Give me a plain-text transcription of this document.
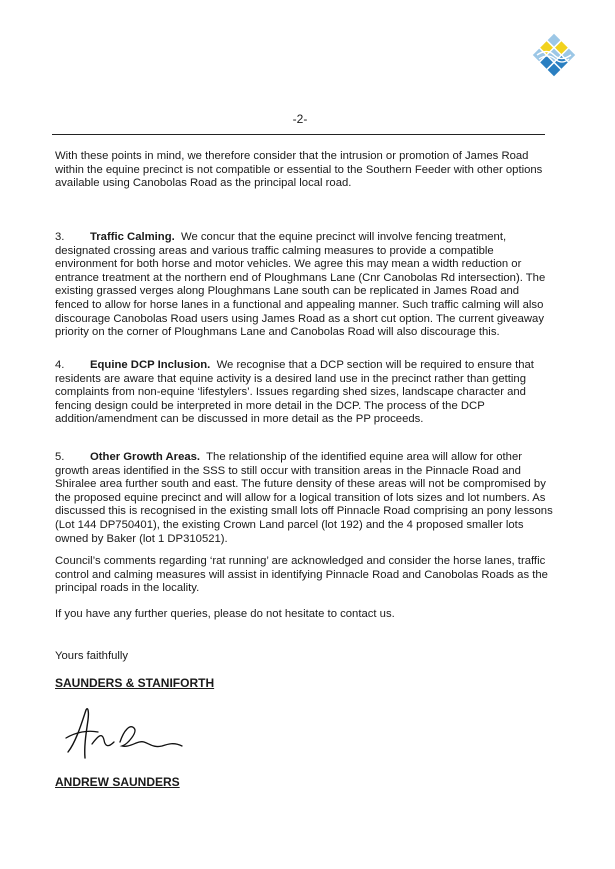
-2-

With these points in mind, we therefore consider that the intrusion or promotion of James Road within the equine precinct is not compatible or essential to the Southern Feeder with other options available using Canobolas Road as the principal local road.

3. Traffic Calming. We concur that the equine precinct will involve fencing treatment, designated crossing areas and various traffic calming measures to provide a compatible environment for both horse and motor vehicles. We agree this may mean a width reduction or entrance treatment at the northern end of Ploughmans Lane (Cnr Canobolas Rd intersection). The existing grassed verges along Ploughmans Lane south can be replicated in James Road and fenced to allow for horse lanes in a functional and appealing manner. Such traffic calming will also discourage Canobolas Road users using James Road as a short cut option. The current giveaway priority on the corner of Ploughmans Lane and Canobolas Road will also discourage this.

4. Equine DCP Inclusion. We recognise that a DCP section will be required to ensure that residents are aware that equine activity is a desired land use in the precinct rather than getting complaints from non-equine ‘lifestylers’. Issues regarding shed sizes, landscape character and fencing design could be interpreted in more detail in the DCP. The process of the DCP addition/amendment can be discussed in more detail as the PP proceeds.

5. Other Growth Areas. The relationship of the identified equine area will allow for other growth areas identified in the SSS to still occur with transition areas in the Pinnacle Road and Shiralee area further south and east. The future density of these areas will not be compromised by the proposed equine precinct and will allow for a logical transition of lots sizes and lot numbers. As discussed this is recognised in the existing small lots off Pinnacle Road comprising an pony lessons (Lot 144 DP750401), the existing Crown Land parcel (lot 192) and the 4 proposed smaller lots owned by Baker (lot 1 DP310521).

Council’s comments regarding ‘rat running’ are acknowledged and consider the horse lanes, traffic control and calming measures will assist in identifying Pinnacle Road and Canobolas Roads as the principal roads in the locality.

If you have any further queries, please do not hesitate to contact us.

Yours faithfully

SAUNDERS & STANIFORTH

ANDREW SAUNDERS
